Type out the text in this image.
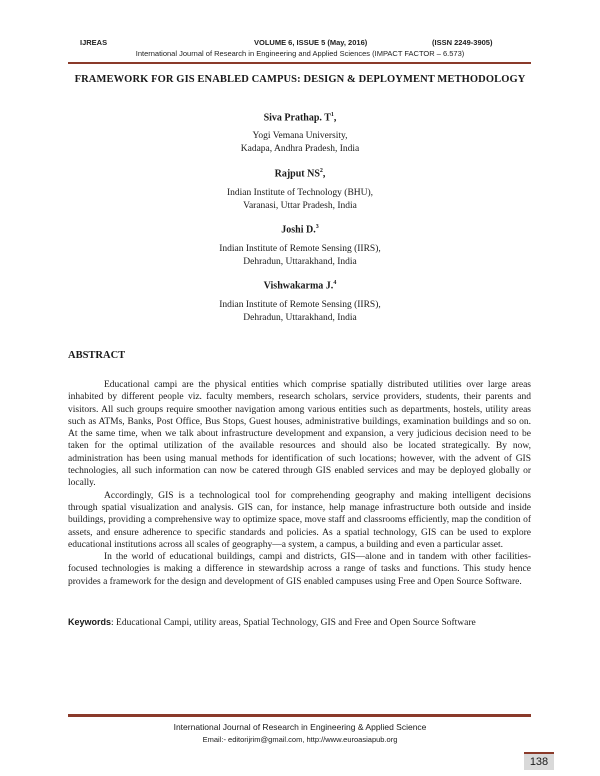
IJREAS	VOLUME 6, ISSUE 5 (May, 2016)	(ISSN 2249-3905)
International Journal of Research in Engineering and Applied Sciences (IMPACT FACTOR – 6.573)
FRAMEWORK FOR GIS ENABLED CAMPUS: DESIGN & DEPLOYMENT METHODOLOGY
Siva Prathap. $T^1$,
Yogi Vemana University,
Kadapa, Andhra Pradesh, India
Rajput $NS^2$,
Indian Institute of Technology (BHU),
Varanasi, Uttar Pradesh, India
Joshi D.$^3$
Indian Institute of Remote Sensing (IIRS),
Dehradun, Uttarakhand, India
Vishwakarma J.$^4$
Indian Institute of Remote Sensing (IIRS),
Dehradun, Uttarakhand, India
ABSTRACT

Educational campi are the physical entities which comprise spatially distributed utilities over large areas inhabited by different people viz. faculty members, research scholars, service providers, students, their parents and visitors. All such groups require smoother navigation among various entities such as departments, hostels, utility areas such as ATMs, Banks, Post Office, Bus Stops, Guest houses, administrative buildings, examination buildings and so on. At the same time, when we talk about infrastructure development and expansion, a very judicious decision need to be taken for the optimal utilization of the available resources and should also be located strategically. By now, administration has been using manual methods for identification of such locations; however, with the advent of GIS technologies, all such information can now be catered through GIS enabled services and may be deployed globally or locally.

Accordingly, GIS is a technological tool for comprehending geography and making intelligent decisions through spatial visualization and analysis. GIS can, for instance, help manage infrastructure both outside and inside buildings, providing a comprehensive way to optimize space, move staff and classrooms efficiently, map the condition of assets, and ensure adherence to specific standards and policies. As a spatial technology, GIS can be used to explore educational institutions across all scales of geography—a system, a campus, a building and even a particular asset.

In the world of educational buildings, campi and districts, GIS—alone and in tandem with other facilities-focused technologies is making a difference in stewardship across a range of tasks and functions. This study hence provides a framework for the design and development of GIS enabled campuses using Free and Open Source Software.

Keywords: Educational Campi, utility areas, Spatial Technology, GIS and Free and Open Source Software
International Journal of Research in Engineering & Applied Science
Email:- editorijrim@gmail.com, http://www.euroasiapub.org
138
